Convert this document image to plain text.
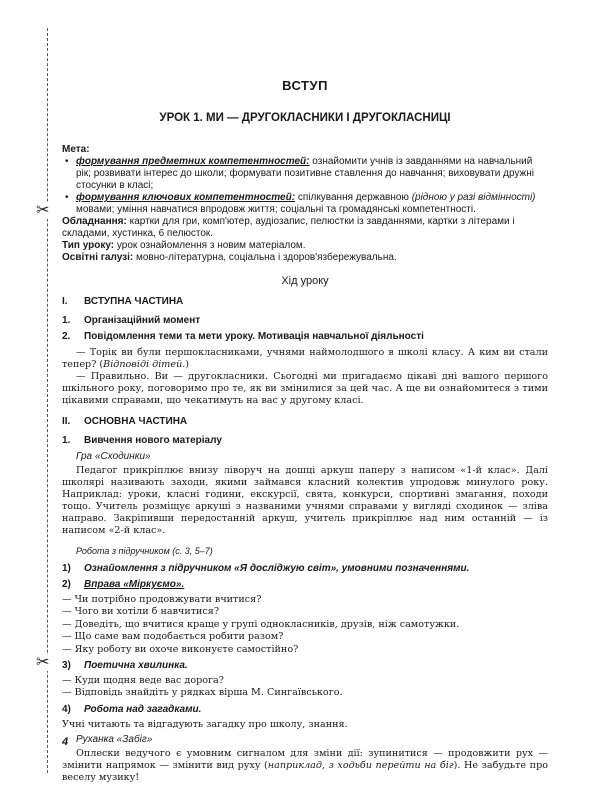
✂
✂
ВСТУП
УРОК 1. МИ — ДРУГОКЛАСНИКИ І ДРУГОКЛАСНИЦІ
Мета:
• формування предметних компетентностей: ознайомити учнів із завданнями на навчальний рік; розвивати інтерес до школи; формувати позитивне ставлення до навчання; виховувати дружні стосунки в класі;
• формування ключових компетентностей: спілкування державною (рідною у разі відмінності) мовами; уміння навчатися впродовж життя; соціальні та громадянські компетентності.
Обладнання: картки для гри, комп'ютер, аудіозапис, пелюстки із завданнями, картки з літерами і складами, хустинка, 6 пелюсток.
Тип уроку: урок ознайомлення з новим матеріалом.
Освітні галузі: мовно-літературна, соціальна і здоров'язбережувальна.
Хід уроку
I. ВСТУПНА ЧАСТИНА
1. Організаційний момент
2. Повідомлення теми та мети уроку. Мотивація навчальної діяльності
— Торік ви були першокласниками, учнями наймолодшого в школі класу. А ким ви стали тепер? (Відповіді дітей.)
— Правильно. Ви — другокласники. Сьогодні ми пригадаємо цікаві дні вашого першого шкільного року, поговоримо про те, як ви змінилися за цей час. А ще ви ознайомитеся з тими цікавими справами, що чекатимуть на вас у другому класі.
II. ОСНОВНА ЧАСТИНА
1. Вивчення нового матеріалу
Гра «Сходинки»
Педагог прикріплює внизу ліворуч на дошці аркуш паперу з написом «1-й клас». Далі школярі називають заходи, якими займався класний колектив упродовж минулого року. Наприклад: уроки, класні години, екскурсії, свята, конкурси, спортивні змагання, походи тощо. Учитель розміщує аркуші з названими учнями справами у вигляді сходинок — зліва направо. Закріпивши передостанній аркуш, учитель прикріплює над ним останній — із написом «2-й клас».
Робота з підручником (с. 3, 5–7)
1) Ознайомлення з підручником «Я досліджую світ», умовними позначеннями.
2) Вправа «Міркуємо».
— Чи потрібно продовжувати вчитися?
— Чого ви хотіли б навчитися?
— Доведіть, що вчитися краще у групі однокласників, друзів, ніж самотужки.
— Що саме вам подобається робити разом?
— Яку роботу ви охоче виконуєте самостійно?
3) Поетична хвилинка.
— Куди щодня веде вас дорога?
— Відповідь знайдіть у рядках вірша М. Сингаївського.
4) Робота над загадками.
Учні читають та відгадують загадку про школу, знання.
Руханка «Забіг»
Оплески ведучого є умовним сигналом для зміни дії: зупинитися — продовжити рух — змінити напрямок — змінити вид руху (наприклад, з ходьби перейти на біг). Не забудьте про веселу музику!
4
